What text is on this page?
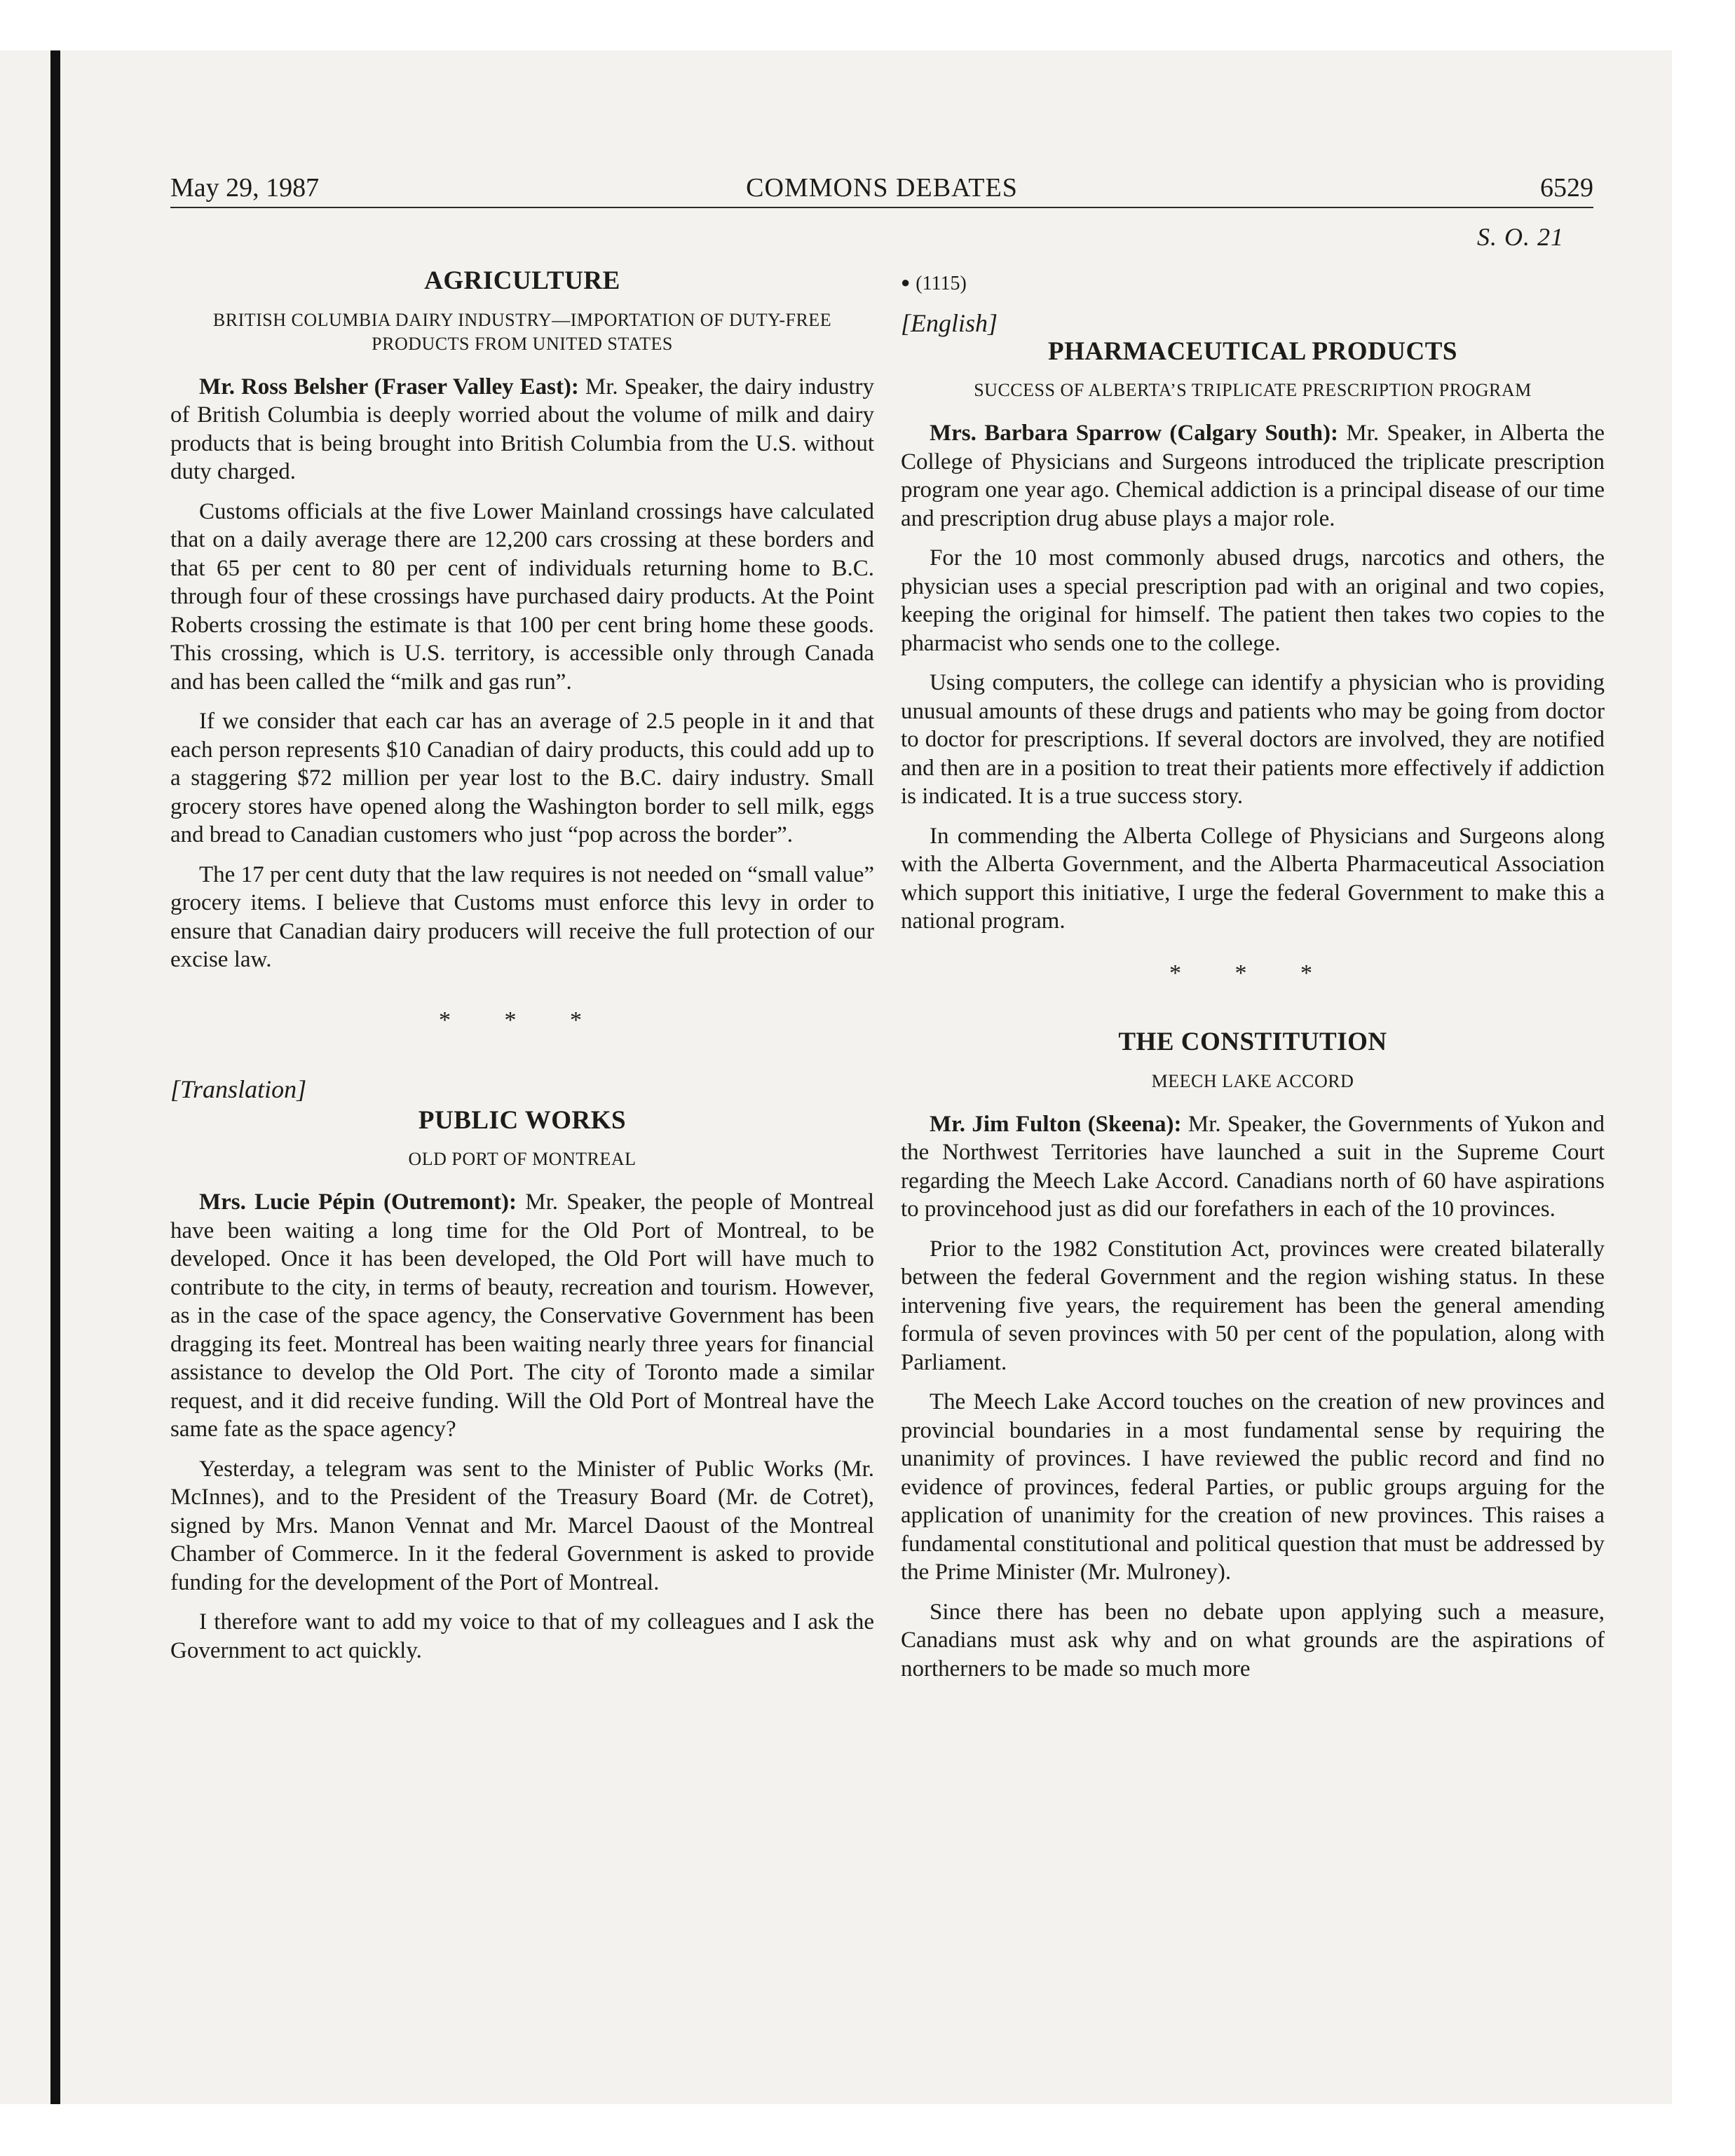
May 29, 1987	COMMONS DEBATES	6529
AGRICULTURE
BRITISH COLUMBIA DAIRY INDUSTRY—IMPORTATION OF DUTY-FREE PRODUCTS FROM UNITED STATES

Mr. Ross Belsher (Fraser Valley East): Mr. Speaker, the dairy industry of British Columbia is deeply worried about the volume of milk and dairy products that is being brought into British Columbia from the U.S. without duty charged.

Customs officials at the five Lower Mainland crossings have calculated that on a daily average there are 12,200 cars crossing at these borders and that 65 per cent to 80 per cent of individuals returning home to B.C. through four of these crossings have purchased dairy products. At the Point Roberts crossing the estimate is that 100 per cent bring home these goods. This crossing, which is U.S. territory, is accessible only through Canada and has been called the “milk and gas run”.

If we consider that each car has an average of 2.5 people in it and that each person represents $10 Canadian of dairy products, this could add up to a staggering $72 million per year lost to the B.C. dairy industry. Small grocery stores have opened along the Washington border to sell milk, eggs and bread to Canadian customers who just “pop across the border”.

The 17 per cent duty that the law requires is not needed on “small value” grocery items. I believe that Customs must enforce this levy in order to ensure that Canadian dairy producers will receive the full protection of our excise law.

* * *
[Translation]
PUBLIC WORKS
OLD PORT OF MONTREAL

Mrs. Lucie Pépin (Outremont): Mr. Speaker, the people of Montreal have been waiting a long time for the Old Port of Montreal, to be developed. Once it has been developed, the Old Port will have much to contribute to the city, in terms of beauty, recreation and tourism. However, as in the case of the space agency, the Conservative Government has been dragging its feet. Montreal has been waiting nearly three years for financial assistance to develop the Old Port. The city of Toronto made a similar request, and it did receive funding. Will the Old Port of Montreal have the same fate as the space agency?

Yesterday, a telegram was sent to the Minister of Public Works (Mr. McInnes), and to the President of the Treasury Board (Mr. de Cotret), signed by Mrs. Manon Vennat and Mr. Marcel Daoust of the Montreal Chamber of Commerce. In it the federal Government is asked to provide funding for the development of the Port of Montreal.

I therefore want to add my voice to that of my colleagues and I ask the Government to act quickly.

S. O. 21
● (1115)
[English]
PHARMACEUTICAL PRODUCTS
SUCCESS OF ALBERTA’S TRIPLICATE PRESCRIPTION PROGRAM

Mrs. Barbara Sparrow (Calgary South): Mr. Speaker, in Alberta the College of Physicians and Surgeons introduced the triplicate prescription program one year ago. Chemical addiction is a principal disease of our time and prescription drug abuse plays a major role.

For the 10 most commonly abused drugs, narcotics and others, the physician uses a special prescription pad with an original and two copies, keeping the original for himself. The patient then takes two copies to the pharmacist who sends one to the college.

Using computers, the college can identify a physician who is providing unusual amounts of these drugs and patients who may be going from doctor to doctor for prescriptions. If several doctors are involved, they are notified and then are in a position to treat their patients more effectively if addiction is indicated. It is a true success story.

In commending the Alberta College of Physicians and Surgeons along with the Alberta Government, and the Alberta Pharmaceutical Association which support this initiative, I urge the federal Government to make this a national program.

* * *
THE CONSTITUTION
MEECH LAKE ACCORD

Mr. Jim Fulton (Skeena): Mr. Speaker, the Governments of Yukon and the Northwest Territories have launched a suit in the Supreme Court regarding the Meech Lake Accord. Canadians north of 60 have aspirations to provincehood just as did our forefathers in each of the 10 provinces.

Prior to the 1982 Constitution Act, provinces were created bilaterally between the federal Government and the region wishing status. In these intervening five years, the requirement has been the general amending formula of seven provinces with 50 per cent of the population, along with Parliament.

The Meech Lake Accord touches on the creation of new provinces and provincial boundaries in a most fundamental sense by requiring the unanimity of provinces. I have reviewed the public record and find no evidence of provinces, federal Parties, or public groups arguing for the application of unanimity for the creation of new provinces. This raises a fundamental constitutional and political question that must be addressed by the Prime Minister (Mr. Mulroney).

Since there has been no debate upon applying such a measure, Canadians must ask why and on what grounds are the aspirations of northerners to be made so much more
